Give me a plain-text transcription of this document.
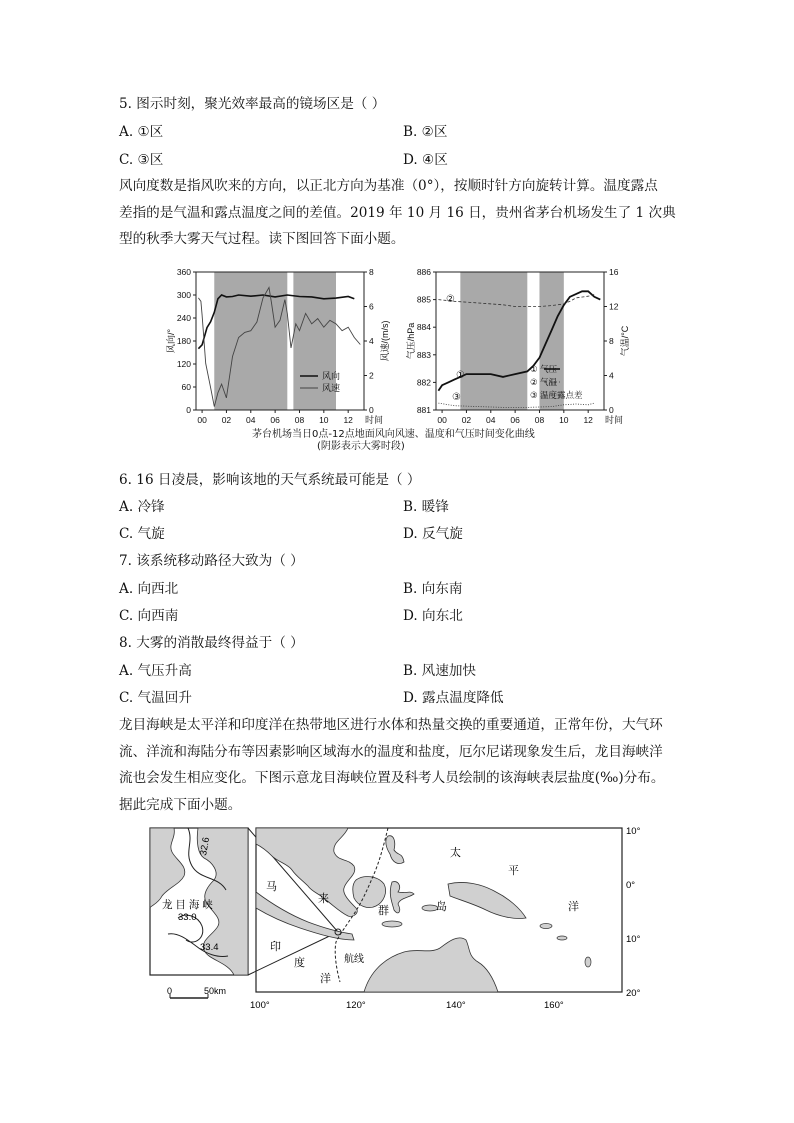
5. 图示时刻，聚光效率最高的镜场区是（ ）
A. ①区	B. ②区
C. ③区	D. ④区
风向度数是指风吹来的方向，以正北方向为基准（0°），按顺时针方向旋转计算。温度露点
差指的是气温和露点温度之间的差值。2019 年 10 月 16 日，贵州省茅台机场发生了 1 次典
型的秋季大雾天气过程。读下图回答下面小题。
0
60
120
180
240
300
360
0
2
4
6
8
00 02 04 06 08 10 12 时间
风向/°	风速/(m/s)
风向
风速
881
882
883
884
885
886
0
4
8
12
16
00 02 04 06 08 10 12 时间
气压/hPa	气温/°C
① 气压
② 气温
③ 温度露点差
②
①
③
茅台机场当日0点-12点地面风向风速、温度和气压时间变化曲线
(阴影表示大雾时段)
6. 16 日凌晨，影响该地的天气系统最可能是（ ）
A. 冷锋	B. 暖锋
C. 气旋	D. 反气旋
7. 该系统移动路径大致为（ ）
A. 向西北	B. 向东南
C. 向西南	D. 向东北
8. 大雾的消散最终得益于（ ）
A. 气压升高	B. 风速加快
C. 气温回升	D. 露点温度降低
龙目海峡是太平洋和印度洋在热带地区进行水体和热量交换的重要通道，正常年份，大气环
流、洋流和海陆分布等因素影响区域海水的温度和盐度，厄尔尼诺现象发生后，龙目海峡洋
流也会发生相应变化。下图示意龙目海峡位置及科考人员绘制的该海峡表层盐度(‰)分布。
据此完成下面小题。
龙 目 海 峡
32.6
33.0
33.4
0	50km
太
平
洋
马
来
群	岛
印
度
洋
航线
100°	120°	140°	160°
10°
0°
10°
20°
